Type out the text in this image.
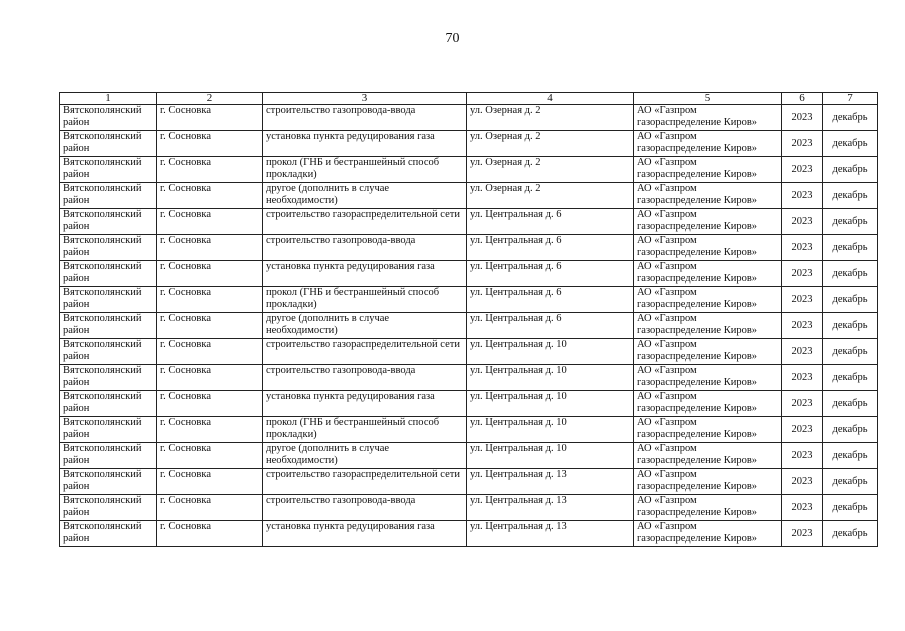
70
1	2	3	4	5	6	7
Вятскополянский район	г. Сосновка	строительство газопровода-ввода	ул. Озерная д. 2	АО «Газпром газораспределение Киров»	2023	декабрь
Вятскополянский район	г. Сосновка	установка пункта редуцирования газа	ул. Озерная д. 2	АО «Газпром газораспределение Киров»	2023	декабрь
Вятскополянский район	г. Сосновка	прокол (ГНБ и бестраншейный способ прокладки)	ул. Озерная д. 2	АО «Газпром газораспределение Киров»	2023	декабрь
Вятскополянский район	г. Сосновка	другое (дополнить в случае необходимости)	ул. Озерная д. 2	АО «Газпром газораспределение Киров»	2023	декабрь
Вятскополянский район	г. Сосновка	строительство газораспределительной сети	ул. Центральная д. 6	АО «Газпром газораспределение Киров»	2023	декабрь
Вятскополянский район	г. Сосновка	строительство газопровода-ввода	ул. Центральная д. 6	АО «Газпром газораспределение Киров»	2023	декабрь
Вятскополянский район	г. Сосновка	установка пункта редуцирования газа	ул. Центральная д. 6	АО «Газпром газораспределение Киров»	2023	декабрь
Вятскополянский район	г. Сосновка	прокол (ГНБ и бестраншейный способ прокладки)	ул. Центральная д. 6	АО «Газпром газораспределение Киров»	2023	декабрь
Вятскополянский район	г. Сосновка	другое (дополнить в случае необходимости)	ул. Центральная д. 6	АО «Газпром газораспределение Киров»	2023	декабрь
Вятскополянский район	г. Сосновка	строительство газораспределительной сети	ул. Центральная д. 10	АО «Газпром газораспределение Киров»	2023	декабрь
Вятскополянский район	г. Сосновка	строительство газопровода-ввода	ул. Центральная д. 10	АО «Газпром газораспределение Киров»	2023	декабрь
Вятскополянский район	г. Сосновка	установка пункта редуцирования газа	ул. Центральная д. 10	АО «Газпром газораспределение Киров»	2023	декабрь
Вятскополянский район	г. Сосновка	прокол (ГНБ и бестраншейный способ прокладки)	ул. Центральная д. 10	АО «Газпром газораспределение Киров»	2023	декабрь
Вятскополянский район	г. Сосновка	другое (дополнить в случае необходимости)	ул. Центральная д. 10	АО «Газпром газораспределение Киров»	2023	декабрь
Вятскополянский район	г. Сосновка	строительство газораспределительной сети	ул. Центральная д. 13	АО «Газпром газораспределение Киров»	2023	декабрь
Вятскополянский район	г. Сосновка	строительство газопровода-ввода	ул. Центральная д. 13	АО «Газпром газораспределение Киров»	2023	декабрь
Вятскополянский район	г. Сосновка	установка пункта редуцирования газа	ул. Центральная д. 13	АО «Газпром газораспределение Киров»	2023	декабрь
